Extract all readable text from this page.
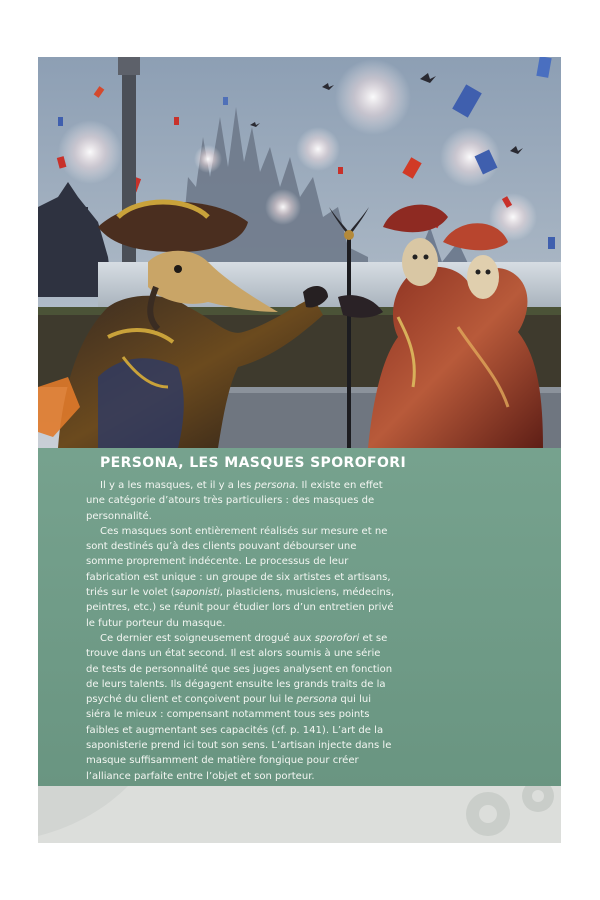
PERSONA, LES MASQUES SPOROFORI

Il y a les masques, et il y a les persona. Il existe en effet une catégorie d’atours très particuliers : des masques de personnalité.

Ces masques sont entièrement réalisés sur mesure et ne sont destinés qu’à des clients pouvant débourser une somme proprement indécente. Le processus de leur fabrication est unique : un groupe de six artistes et artisans, triés sur le volet (saponisti, plasticiens, musiciens, médecins, peintres, etc.) se réunit pour étudier lors d’un entretien privé le futur porteur du masque.

Ce dernier est soigneusement drogué aux sporofori et se trouve dans un état second. Il est alors soumis à une série de tests de personnalité que ses juges analysent en fonction de leurs talents. Ils dégagent ensuite les grands traits de la psyché du client et conçoivent pour lui le persona qui lui siéra le mieux : compensant notamment tous ses points faibles et augmentant ses capacités (cf. p. 141). L’art de la saponisterie prend ici tout son sens. L’artisan injecte dans le masque suffisamment de matière fongique pour créer l’alliance parfaite entre l’objet et son porteur.
